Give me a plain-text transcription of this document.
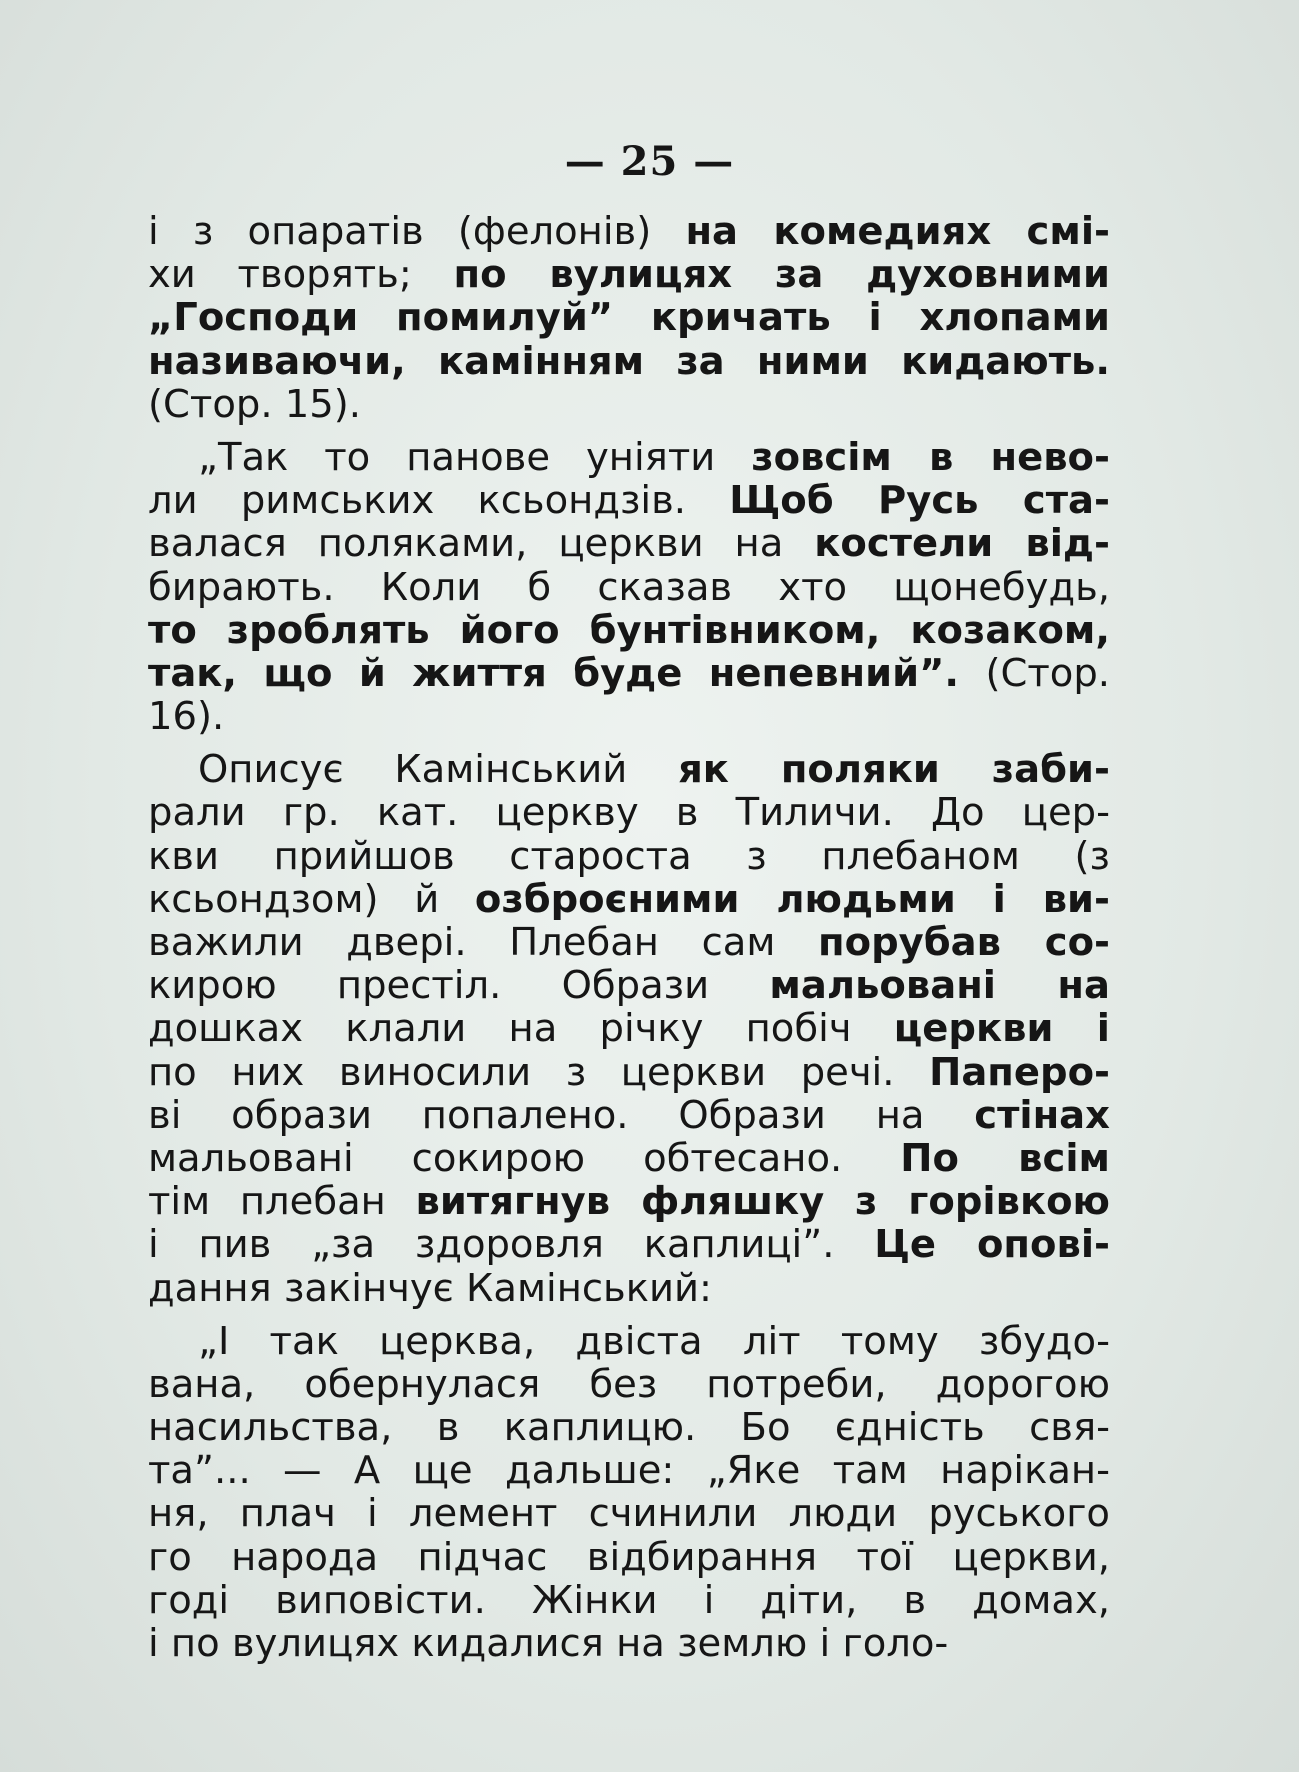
— 25 —
і з опаратів (фелонів) на комедиях смі-
хи творять; по вулицях за духовними
„Господи помилуй” кричать і хлопами
називаючи, камінням за ними кидають.
(Стор. 15).
„Так то панове уніяти зовсім в нево-
ли римських ксьондзів. Щоб Русь ста-
валася поляками, церкви на костели від-
бирають. Коли б сказав хто щонебудь,
то зроблять його бунтівником, козаком,
так, що й життя буде непевний”. (Стор.
16).
Описує Камінський як поляки заби-
рали гр. кат. церкву в Тиличи. До цер-
кви прийшов староста з плебаном (з
ксьондзом) й озброєними людьми і ви-
важили двері. Плебан сам порубав со-
кирою престіл. Образи мальовані на
дошках клали на річку побіч церкви і
по них виносили з церкви речі. Паперо-
ві образи попалено. Образи на стінах
мальовані сокирою обтесано. По всім
тім плебан витягнув фляшку з горівкою
і пив „за здоровля каплиці”. Це опові-
дання закінчує Камінський:
„І так церква, двіста літ тому збудо-
вана, обернулася без потреби, дорогою
насильства, в каплицю. Бо єдність свя-
та”... — А ще дальше: „Яке там нарікан-
ня, плач і лемент счинили люди руського
го народа підчас відбирання тої церкви,
годі виповісти. Жінки і діти, в домах,
і по вулицях кидалися на землю і голо-
